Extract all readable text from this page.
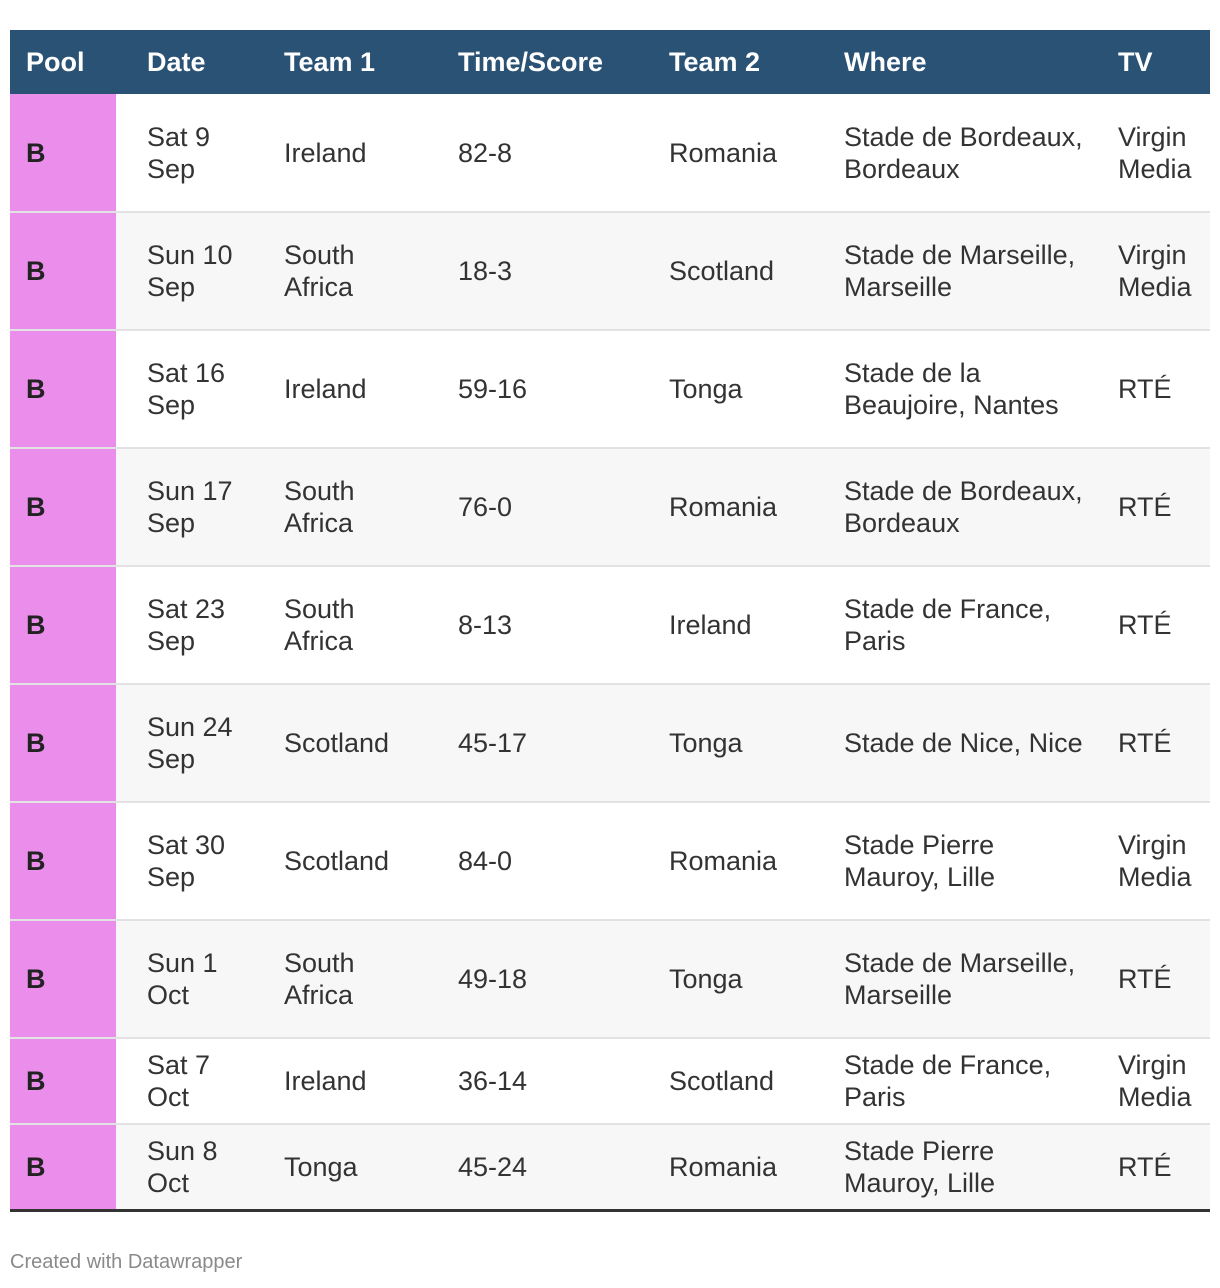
Pool	Date	Team 1	Time/Score	Team 2	Where	TV
B	Sat 9 Sep	Ireland	82-8	Romania	Stade de Bordeaux, Bordeaux	Virgin Media
B	Sun 10 Sep	South Africa	18-3	Scotland	Stade de Marseille, Marseille	Virgin Media
B	Sat 16 Sep	Ireland	59-16	Tonga	Stade de la Beaujoire, Nantes	RTÉ
B	Sun 17 Sep	South Africa	76-0	Romania	Stade de Bordeaux, Bordeaux	RTÉ
B	Sat 23 Sep	South Africa	8-13	Ireland	Stade de France, Paris	RTÉ
B	Sun 24 Sep	Scotland	45-17	Tonga	Stade de Nice, Nice	RTÉ
B	Sat 30 Sep	Scotland	84-0	Romania	Stade Pierre Mauroy, Lille	Virgin Media
B	Sun 1 Oct	South Africa	49-18	Tonga	Stade de Marseille, Marseille	RTÉ
B	Sat 7 Oct	Ireland	36-14	Scotland	Stade de France, Paris	Virgin Media
B	Sun 8 Oct	Tonga	45-24	Romania	Stade Pierre Mauroy, Lille	RTÉ
Created with Datawrapper
